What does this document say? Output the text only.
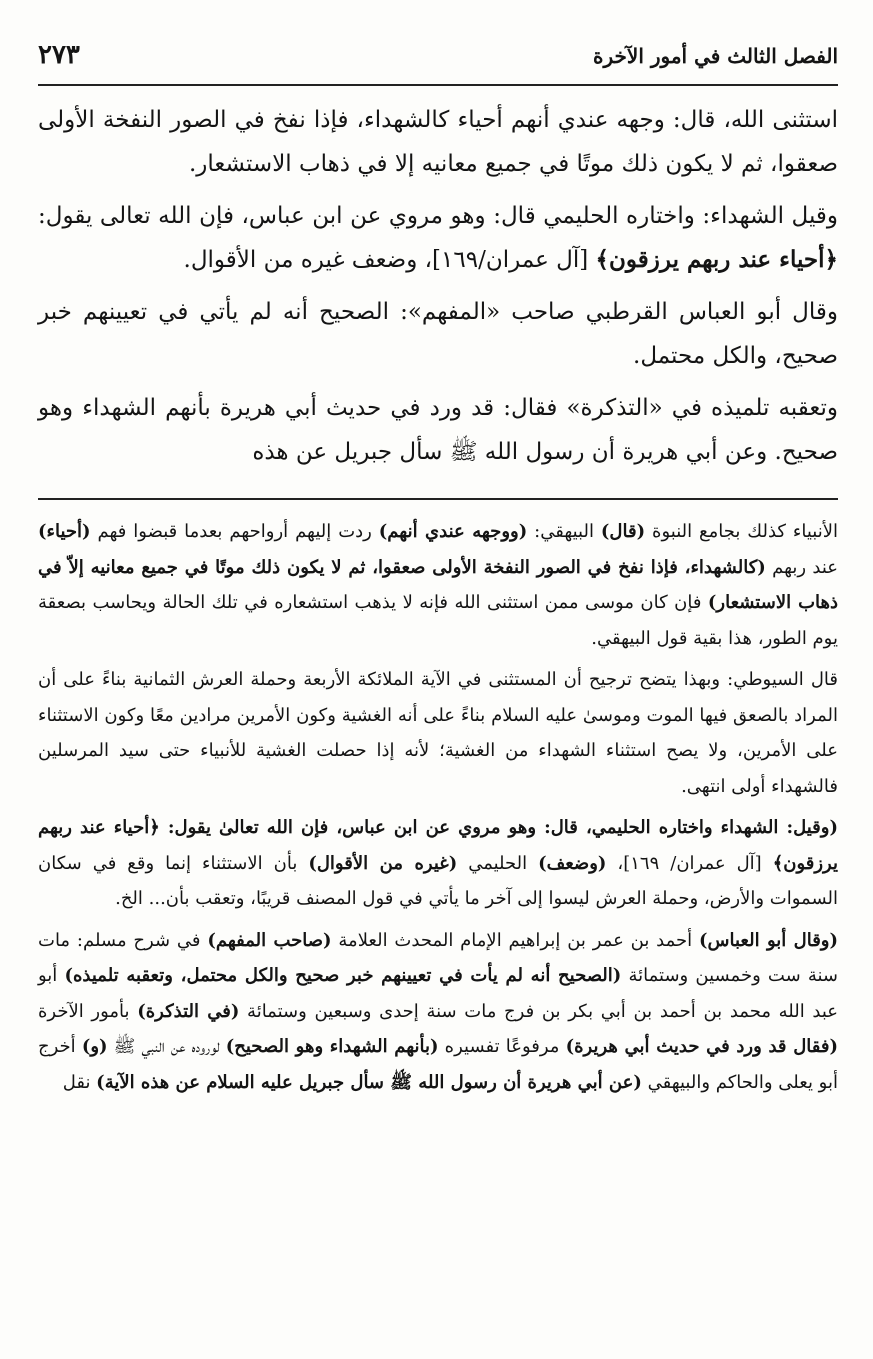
الفصل الثالث في أمور الآخرة
٢٧٣

استثنى الله، قال: وجهه عندي أنهم أحياء كالشهداء، فإذا نفخ في الصور النفخة الأولى صعقوا، ثم لا يكون ذلك موتًا في جميع معانيه إلا في ذهاب الاستشعار.

وقيل الشهداء: واختاره الحليمي قال: وهو مروي عن ابن عباس، فإن الله تعالى يقول: ﴿أحياء عند ربهم يرزقون﴾ [آل عمران/١٦٩]، وضعف غيره من الأقوال.

وقال أبو العباس القرطبي صاحب «المفهم»: الصحيح أنه لم يأتي في تعيينهم خبر صحيح، والكل محتمل.

وتعقبه تلميذه في «التذكرة» فقال: قد ورد في حديث أبي هريرة بأنهم الشهداء وهو صحيح. وعن أبي هريرة أن رسول الله ﷺ سأل جبريل عن هذه

الأنبياء كذلك بجامع النبوة (قال) البيهقي: (ووجهه عندي أنهم) ردت إليهم أرواحهم بعدما قبضوا فهم (أحياء) عند ربهم (كالشهداء، فإذا نفخ في الصور النفخة الأولى صعقوا، ثم لا يكون ذلك موتًا في جميع معانيه إلاّ في ذهاب الاستشعار) فإن كان موسى ممن استثنى الله فإنه لا يذهب استشعاره في تلك الحالة ويحاسب بصعقة يوم الطور، هذا بقية قول البيهقي.

قال السيوطي: وبهذا يتضح ترجيح أن المستثنى في الآية الملائكة الأربعة وحملة العرش الثمانية بناءً على أن المراد بالصعق فيها الموت وموسىٰ عليه السلام بناءً على أنه الغشية وكون الأمرين مرادين معًا وكون الاستثناء على الأمرين، ولا يصح استثناء الشهداء من الغشية؛ لأنه إذا حصلت الغشية للأنبياء حتى سيد المرسلين فالشهداء أولى انتهى.

(وقيل: الشهداء واختاره الحليمي، قال: وهو مروي عن ابن عباس، فإن الله تعالىٰ يقول: ﴿أحياء عند ربهم يرزقون﴾ [آل عمران/ ١٦٩]، (وضعف) الحليمي (غيره من الأقوال) بأن الاستثناء إنما وقع في سكان السموات والأرض، وحملة العرش ليسوا إلى آخر ما يأتي في قول المصنف قريبًا، وتعقب بأن... الخ.

(وقال أبو العباس) أحمد بن عمر بن إبراهيم الإمام المحدث العلامة (صاحب المفهم) في شرح مسلم: مات سنة ست وخمسين وستمائة (الصحيح أنه لم يأت في تعيينهم خبر صحيح والكل محتمل، وتعقبه تلميذه) أبو عبد الله محمد بن أحمد بن أبي بكر بن فرج مات سنة إحدى وسبعين وستمائة (في التذكرة) بأمور الآخرة (فقال قد ورد في حديث أبي هريرة) مرفوعًا تفسيره (بأنهم الشهداء وهو الصحيح) لوروده عن النبي ﷺ (و) أخرج أبو يعلى والحاكم والبيهقي (عن أبي هريرة أن رسول الله ﷺ سأل جبريل عليه السلام عن هذه الآية) نقل
